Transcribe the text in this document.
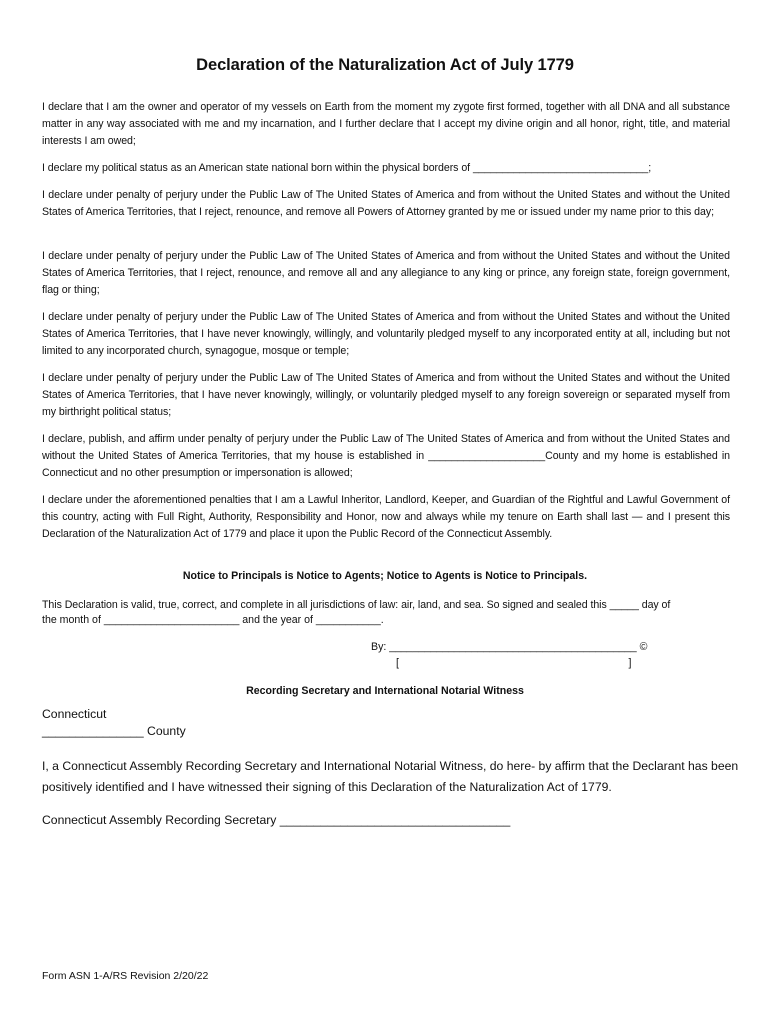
Declaration of the Naturalization Act of July 1779
I declare that I am the owner and operator of my vessels on Earth from the moment my zygote first formed, together with all DNA and all substance matter in any way associated with me and my incarnation, and I further declare that I accept my divine origin and all honor, right, title, and material interests I am owed;
I declare my political status as an American state national born within the physical borders of ______________________________;
I declare under penalty of perjury under the Public Law of The United States of America and from without the United States and without the United States of America Territories, that I reject, renounce, and remove all Powers of Attorney granted by me or issued under my name prior to this day;
I declare under penalty of perjury under the Public Law of The United States of America and from without the United States and without the United States of America Territories, that I reject, renounce, and remove all and any allegiance to any king or prince, any foreign state, foreign government, flag or thing;
I declare under penalty of perjury under the Public Law of The United States of America and from without the United States and without the United States of America Territories, that I have never knowingly, willingly, and voluntarily pledged myself to any incorporated entity at all, including but not limited to any incorporated church, synagogue, mosque or temple;
I declare under penalty of perjury under the Public Law of The United States of America and from without the United States and without the United States of America Territories, that I have never knowingly, willingly, or voluntarily pledged myself to any foreign sovereign or separated myself from my birthright political status;
I declare, publish, and affirm under penalty of perjury under the Public Law of The United States of America and from without the United States and without the United States of America Territories, that my house is established in ____________________County and my home is established in Connecticut and no other presumption or impersonation is allowed;
I declare under the aforementioned penalties that I am a Lawful Inheritor, Landlord, Keeper, and Guardian of the Rightful and Lawful Government of this country, acting with Full Right, Authority, Responsibility and Honor, now and always while my tenure on Earth shall last — and I present this Declaration of the Naturalization Act of 1779 and place it upon the Public Record of the Connecticut Assembly.
Notice to Principals is Notice to Agents; Notice to Agents is Notice to Principals.
This Declaration is valid, true, correct, and complete in all jurisdictions of law: air, land, and sea. So signed and sealed this _____ day of
the month of _______________________ and the year of ___________.
By: __________________________________________ ©
[                                                                              ]
Recording Secretary and International Notarial Witness
Connecticut
_______________ County
I, a Connecticut Assembly Recording Secretary and International Notarial Witness, do here- by affirm that the Declarant has been positively identified and I have witnessed their signing of this Declaration of the Naturalization Act of 1779.
Connecticut Assembly Recording Secretary __________________________________
Form ASN 1-A/RS Revision 2/20/22
